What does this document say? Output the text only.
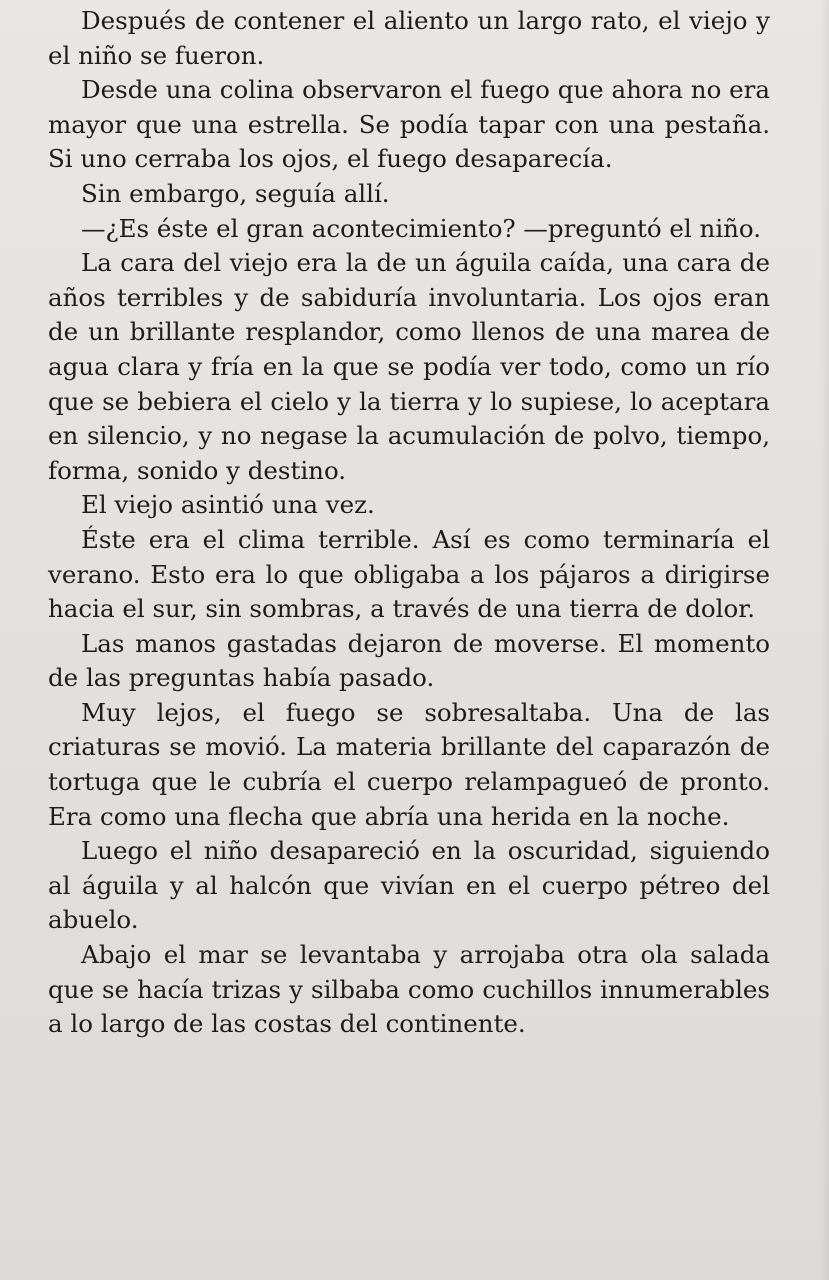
Después de contener el aliento un largo rato, el viejo y el niño se fueron.

Desde una colina observaron el fuego que ahora no era mayor que una estrella. Se podía tapar con una pestaña. Si uno cerraba los ojos, el fuego desaparecía.

Sin embargo, seguía allí.

—¿Es éste el gran acontecimiento? —preguntó el niño.

La cara del viejo era la de un águila caída, una cara de años terribles y de sabiduría involuntaria. Los ojos eran de un brillante resplandor, como llenos de una marea de agua clara y fría en la que se podía ver todo, como un río que se bebiera el cielo y la tierra y lo supiese, lo aceptara en silencio, y no negase la acumulación de polvo, tiempo, forma, sonido y destino.

El viejo asintió una vez.

Éste era el clima terrible. Así es como terminaría el verano. Esto era lo que obligaba a los pájaros a dirigirse hacia el sur, sin sombras, a través de una tierra de dolor.

Las manos gastadas dejaron de moverse. El momento de las preguntas había pasado.

Muy lejos, el fuego se sobresaltaba. Una de las criaturas se movió. La materia brillante del caparazón de tortuga que le cubría el cuerpo relampagueó de pronto. Era como una flecha que abría una herida en la noche.

Luego el niño desapareció en la oscuridad, siguiendo al águila y al halcón que vivían en el cuerpo pétreo del abuelo.

Abajo el mar se levantaba y arrojaba otra ola salada que se hacía trizas y silbaba como cuchillos innumerables a lo largo de las costas del continente.
